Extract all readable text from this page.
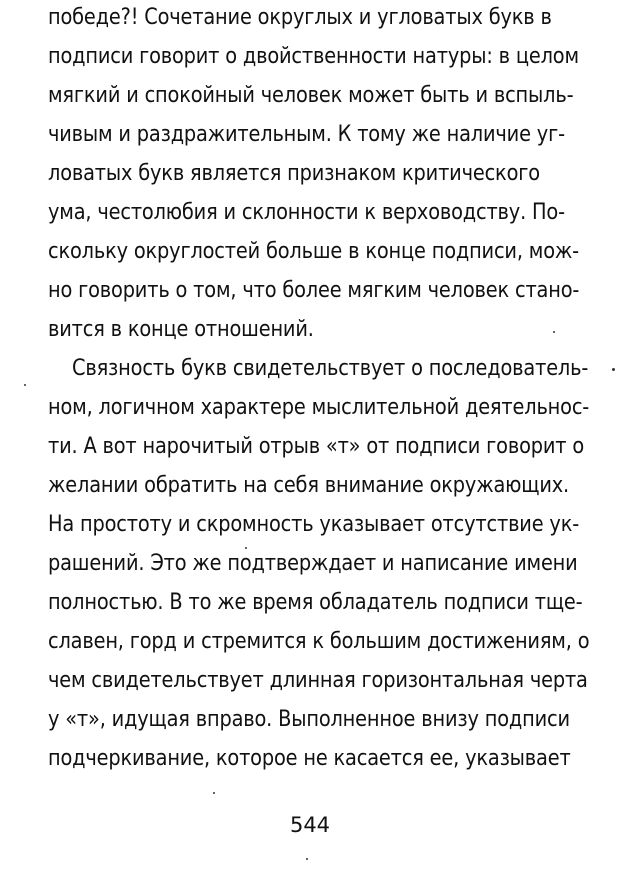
победе?! Сочетание округлых и угловатых букв в
подписи говорит о двойственности натуры: в целом
мягкий и спокойный человек может быть и вспыль-
чивым и раздражительным. К тому же наличие уг-
ловатых букв является признаком критического
ума, честолюбия и склонности к верховодству. По-
скольку округлостей больше в конце подписи, мож-
но говорить о том, что более мягким человек стано-
вится в конце отношений.
Связность букв свидетельствует о последователь-
ном, логичном характере мыслительной деятельнос-
ти. А вот нарочитый отрыв «т» от подписи говорит о
желании обратить на себя внимание окружающих.
На простоту и скромность указывает отсутствие ук-
рашений. Это же подтверждает и написание имени
полностью. В то же время обладатель подписи тще-
славен, горд и стремится к большим достижениям, о
чем свидетельствует длинная горизонтальная черта
у «т», идущая вправо. Выполненное внизу подписи
подчеркивание, которое не касается ее, указывает
544
